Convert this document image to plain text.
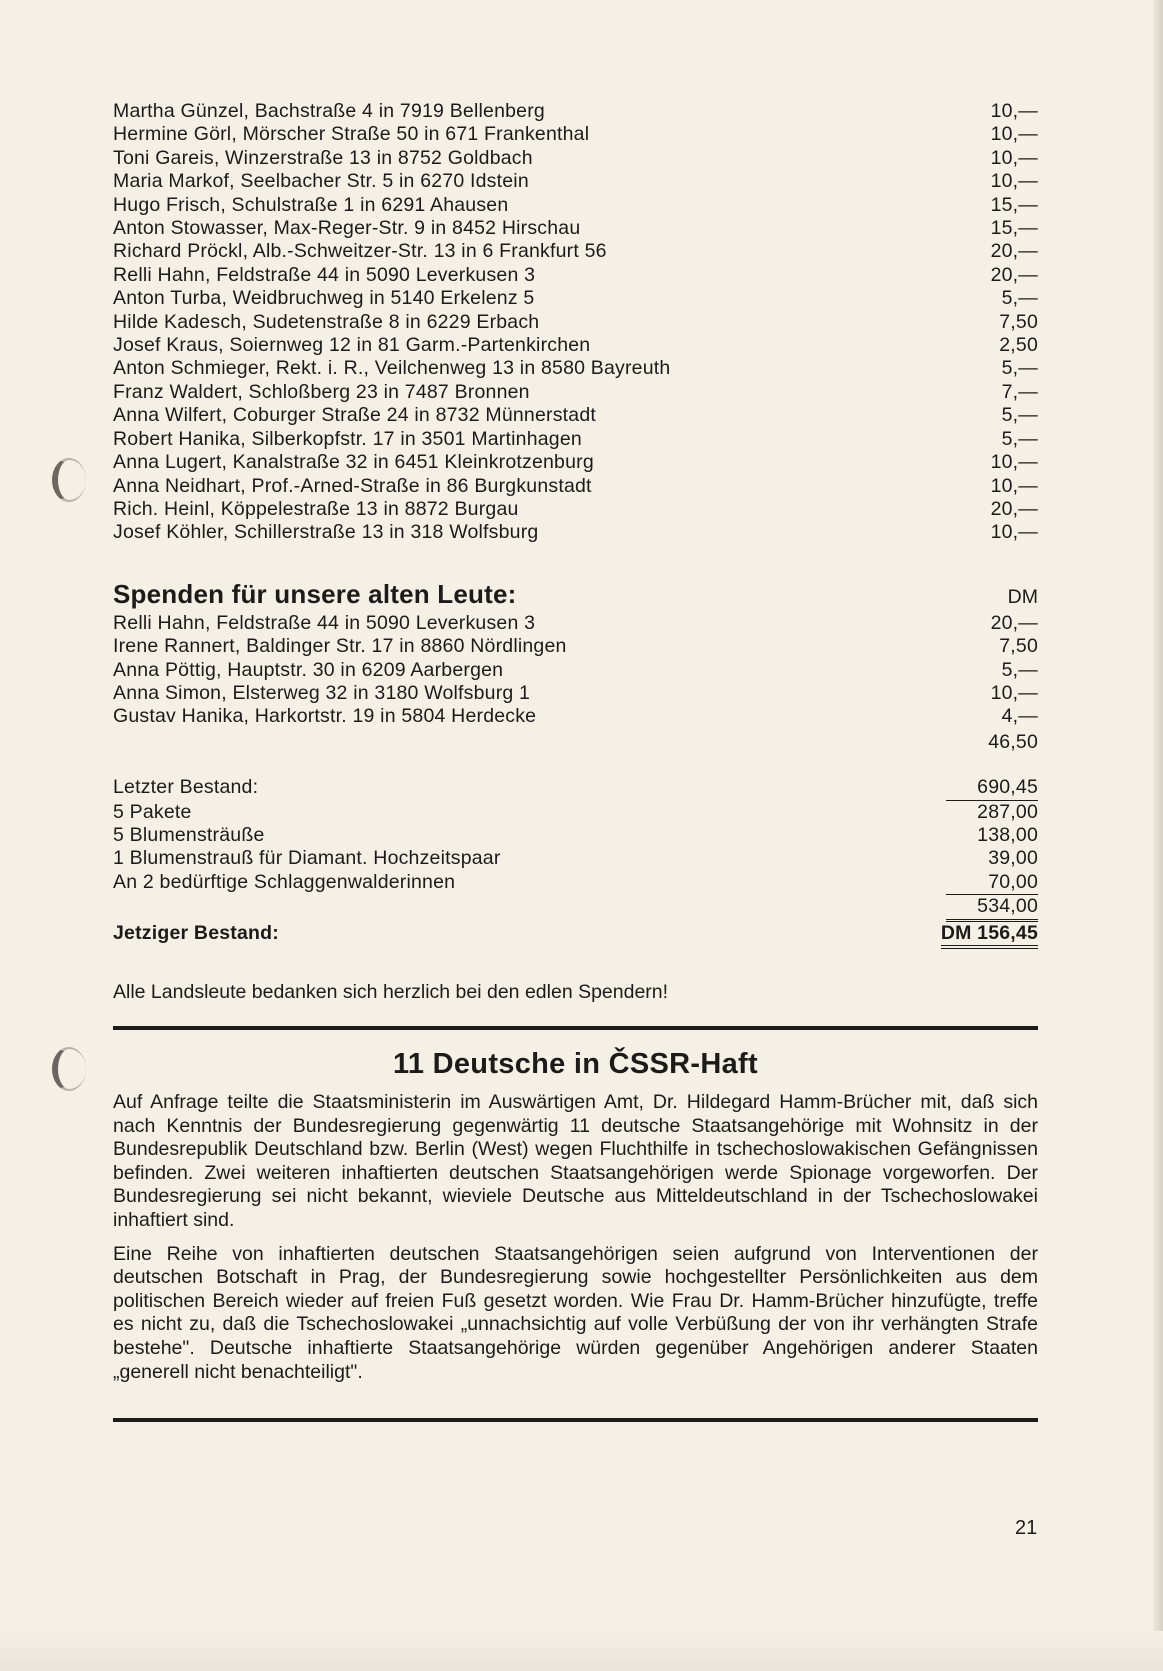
Martha Günzel, Bachstraße 4 in 7919 Bellenberg	10,—
Hermine Görl, Mörscher Straße 50 in 671 Frankenthal	10,—
Toni Gareis, Winzerstraße 13 in 8752 Goldbach	10,—
Maria Markof, Seelbacher Str. 5 in 6270 Idstein	10,—
Hugo Frisch, Schulstraße 1 in 6291 Ahausen	15,—
Anton Stowasser, Max-Reger-Str. 9 in 8452 Hirschau	15,—
Richard Pröckl, Alb.-Schweitzer-Str. 13 in 6 Frankfurt 56	20,—
Relli Hahn, Feldstraße 44 in 5090 Leverkusen 3	20,—
Anton Turba, Weidbruchweg in 5140 Erkelenz 5	5,—
Hilde Kadesch, Sudetenstraße 8 in 6229 Erbach	7,50
Josef Kraus, Soiernweg 12 in 81 Garm.-Partenkirchen	2,50
Anton Schmieger, Rekt. i. R., Veilchenweg 13 in 8580 Bayreuth	5,—
Franz Waldert, Schloßberg 23 in 7487 Bronnen	7,—
Anna Wilfert, Coburger Straße 24 in 8732 Münnerstadt	5,—
Robert Hanika, Silberkopfstr. 17 in 3501 Martinhagen	5,—
Anna Lugert, Kanalstraße 32 in 6451 Kleinkrotzenburg	10,—
Anna Neidhart, Prof.-Arned-Straße in 86 Burgkunstadt	10,—
Rich. Heinl, Köppelestraße 13 in 8872 Burgau	20,—
Josef Köhler, Schillerstraße 13 in 318 Wolfsburg	10,—
Spenden für unsere alten Leute:	DM
Relli Hahn, Feldstraße 44 in 5090 Leverkusen 3	20,—
Irene Rannert, Baldinger Str. 17 in 8860 Nördlingen	7,50
Anna Pöttig, Hauptstr. 30 in 6209 Aarbergen	5,—
Anna Simon, Elsterweg 32 in 3180 Wolfsburg 1	10,—
Gustav Hanika, Harkortstr. 19 in 5804 Herdecke	4,—
46,50
Letzter Bestand:	690,45
5 Pakete	287,00
5 Blumensträuße	138,00
1 Blumenstrauß für Diamant. Hochzeitspaar	39,00
An 2 bedürftige Schlaggenwalderinnen	70,00
534,00
Jetziger Bestand:	DM 156,45
Alle Landsleute bedanken sich herzlich bei den edlen Spendern!
11 Deutsche in ČSSR-Haft

Auf Anfrage teilte die Staatsministerin im Auswärtigen Amt, Dr. Hildegard Hamm-Brücher mit, daß sich nach Kenntnis der Bundesregierung gegenwärtig 11 deutsche Staatsangehörige mit Wohnsitz in der Bundesrepublik Deutschland bzw. Berlin (West) wegen Fluchthilfe in tschechoslowakischen Gefängnissen befinden. Zwei weiteren inhaftierten deutschen Staatsangehörigen werde Spionage vorgeworfen. Der Bundesregierung sei nicht bekannt, wieviele Deutsche aus Mitteldeutschland in der Tschechoslowakei inhaftiert sind.

Eine Reihe von inhaftierten deutschen Staatsangehörigen seien aufgrund von Interventionen der deutschen Botschaft in Prag, der Bundesregierung sowie hochgestellter Persönlichkeiten aus dem politischen Bereich wieder auf freien Fuß gesetzt worden. Wie Frau Dr. Hamm-Brücher hinzufügte, treffe es nicht zu, daß die Tschechoslowakei „unnachsichtig auf volle Verbüßung der von ihr verhängten Strafe bestehe". Deutsche inhaftierte Staatsangehörige würden gegenüber Angehörigen anderer Staaten „generell nicht benachteiligt".

21
